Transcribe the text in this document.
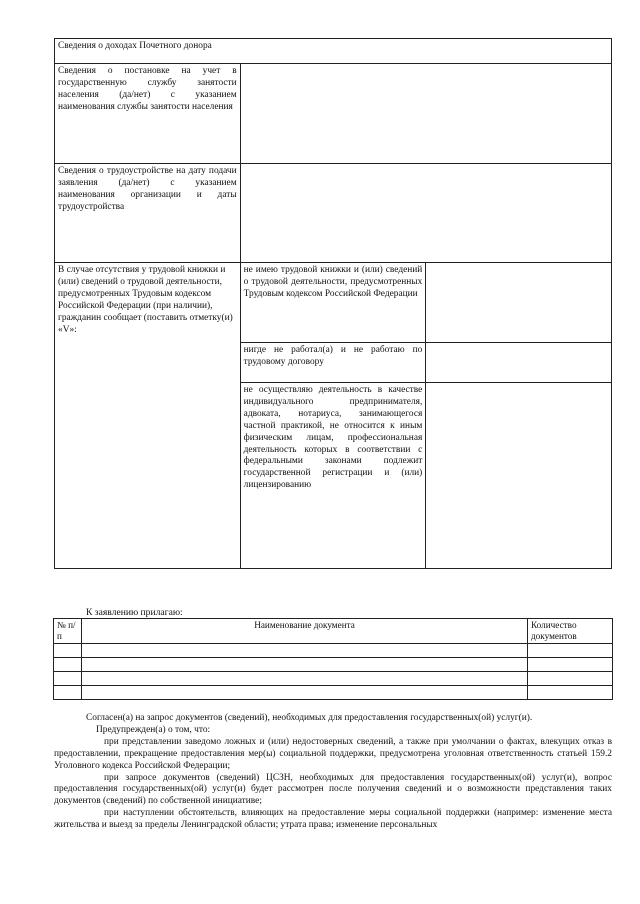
Сведения о доходах Почетного донора		
Сведения о постановке на учет в государственную службу занятости населения (да/нет) с указанием наименования службы занятости населения		
Сведения о трудоустройстве на дату подачи заявления (да/нет) с указанием наименования организации и даты трудоустройства		
В случае отсутствия у трудовой книжки и (или) сведений о трудовой деятельности, предусмотренных Трудовым кодексом Российской Федерации (при наличии), гражданин сообщает (поставить отметку(и) «V»:	не имею трудовой книжки и (или) сведений о трудовой деятельности, предусмотренных Трудовым кодексом Российской Федерации	
	нигде не работал(а) и не работаю по трудовому договору	
	не осуществляю деятельность в качестве индивидуального предпринимателя, адвоката, нотариуса, занимающегося частной практикой, не относится к иным физическим лицам, профессиональная деятельность которых в соответствии с федеральными законами подлежит государственной регистрации и (или) лицензированию	
К заявлению прилагаю:
№ п/п	Наименование документа	Количество документов

Согласен(а) на запрос документов (сведений), необходимых для предоставления государственных(ой) услуг(и).

Предупрежден(а) о том, что:

при представлении заведомо ложных и (или) недостоверных сведений, а также при умолчании о фактах, влекущих отказ в предоставлении, прекращение предоставления мер(ы) социальной поддержки, предусмотрена уголовная ответственность статьей 159.2 Уголовного кодекса Российской Федерации;

при запросе документов (сведений) ЦСЗН, необходимых для предоставления государственных(ой) услуг(и), вопрос предоставления государственных(ой) услуг(и) будет рассмотрен после получения сведений и о возможности представления таких документов (сведений) по собственной инициативе;

при наступлении обстоятельств, влияющих на предоставление меры социальной поддержки (например: изменение места жительства и выезд за пределы Ленинградской области; утрата права; изменение персональных
